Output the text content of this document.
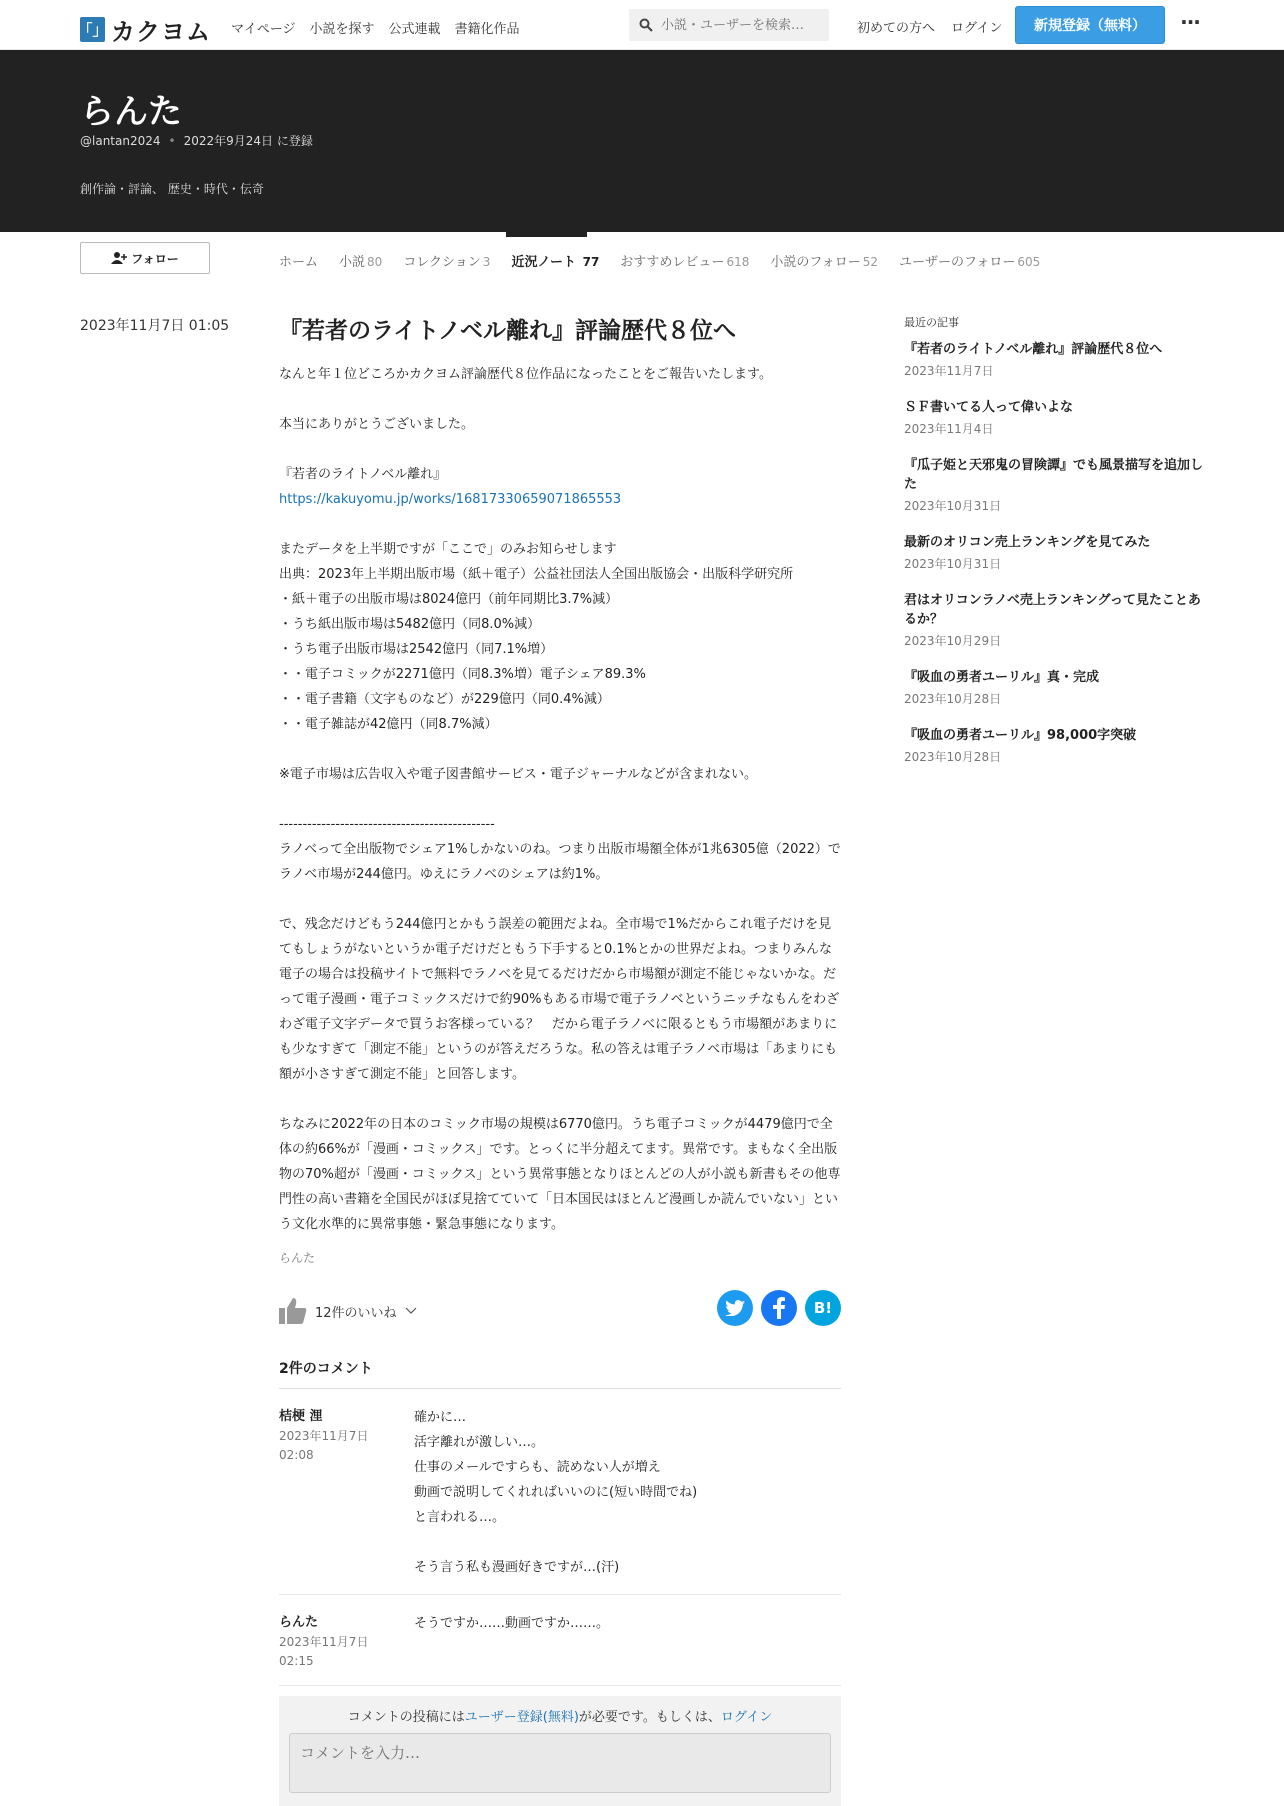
「」 カクヨム マイページ 小説を探す 公式連載 書籍化作品
小説・ユーザーを検索…	初めての方へ ログイン	新規登録（無料）	···
らんた
@lantan2024 • 2022年9月24日 に登録
創作論・評論、 歴史・時代・伝奇
フォロー	ホーム 小説 80 コレクション 3 近況ノート 77 おすすめレビュー 618 小説のフォロー 52 ユーザーのフォロー 605
2023年11月7日 01:05 『若者のライトノベル離れ』評論歴代８位へ
なんと年１位どころかカクヨム評論歴代８位作品になったことをご報告いたします。

本当にありがとうございました。

『若者のライトノベル離れ』
https://kakuyomu.jp/works/16817330659071865553

またデータを上半期ですが「ここで」のみお知らせします
出典：2023年上半期出版市場（紙＋電子）公益社団法人全国出版協会・出版科学研究所
・紙＋電子の出版市場は8024億円（前年同期比3.7%減）
・うち紙出版市場は5482億円（同8.0%減）
・うち電子出版市場は2542億円（同7.1%増）
・・電子コミックが2271億円（同8.3%増）電子シェア89.3%
・・電子書籍（文字ものなど）が229億円（同0.4%減）
・・電子雑誌が42億円（同8.7%減）

※電子市場は広告収入や電子図書館サービス・電子ジャーナルなどが含まれない。

----------------------------------------------
ラノベって全出版物でシェア1%しかないのね。つまり出版市場額全体が1兆6305億（2022）でラノベ市場が244億円。ゆえにラノベのシェアは約1%。

で、残念だけどもう244億円とかもう誤差の範囲だよね。全市場で1%だからこれ電子だけを見てもしょうがないというか電子だけだともう下手すると0.1%とかの世界だよね。つまりみんな電子の場合は投稿サイトで無料でラノベを見てるだけだから市場額が測定不能じゃないかな。だって電子漫画・電子コミックスだけで約90%もある市場で電子ラノベというニッチなもんをわざわざ電子文字データで買うお客様っている？　だから電子ラノベに限るともう市場額があまりにも少なすぎて「測定不能」というのが答えだろうな。私の答えは電子ラノベ市場は「あまりにも額が小さすぎて測定不能」と回答します。

ちなみに2022年の日本のコミック市場の規模は6770億円。うち電子コミックが4479億円で全体の約66%が「漫画・コミックス」です。とっくに半分超えてます。異常です。まもなく全出版物の70%超が「漫画・コミックス」という異常事態となりほとんどの人が小説も新書もその他専門性の高い書籍を全国民がほぼ見捨てていて「日本国民はほとんど漫画しか読んでいない」という文化水準的に異常事態・緊急事態になります。
らんた
12件のいいね	B!
2件のコメント
桔梗 浬
2023年11月7日
02:08
確かに…
活字離れが激しい…。
仕事のメールですらも、読めない人が増え
動画で説明してくれればいいのに(短い時間でね)
と言われる…。

そう言う私も漫画好きですが…(汗)
らんた
2023年11月7日
02:15
そうですか……動画ですか……。

コメントの投稿にはユーザー登録(無料)が必要です。もしくは、ログイン

コメントを入力…
最近の記事
『若者のライトノベル離れ』評論歴代８位へ
2023年11月7日
ＳＦ書いてる人って偉いよな
2023年11月4日
『瓜子姫と天邪鬼の冒険譚』でも風景描写を追加した
2023年10月31日
最新のオリコン売上ランキングを見てみた
2023年10月31日
君はオリコンラノベ売上ランキングって見たことあるか？
2023年10月29日
『吸血の勇者ユーリル』真・完成
2023年10月28日
『吸血の勇者ユーリル』98,000字突破
2023年10月28日
